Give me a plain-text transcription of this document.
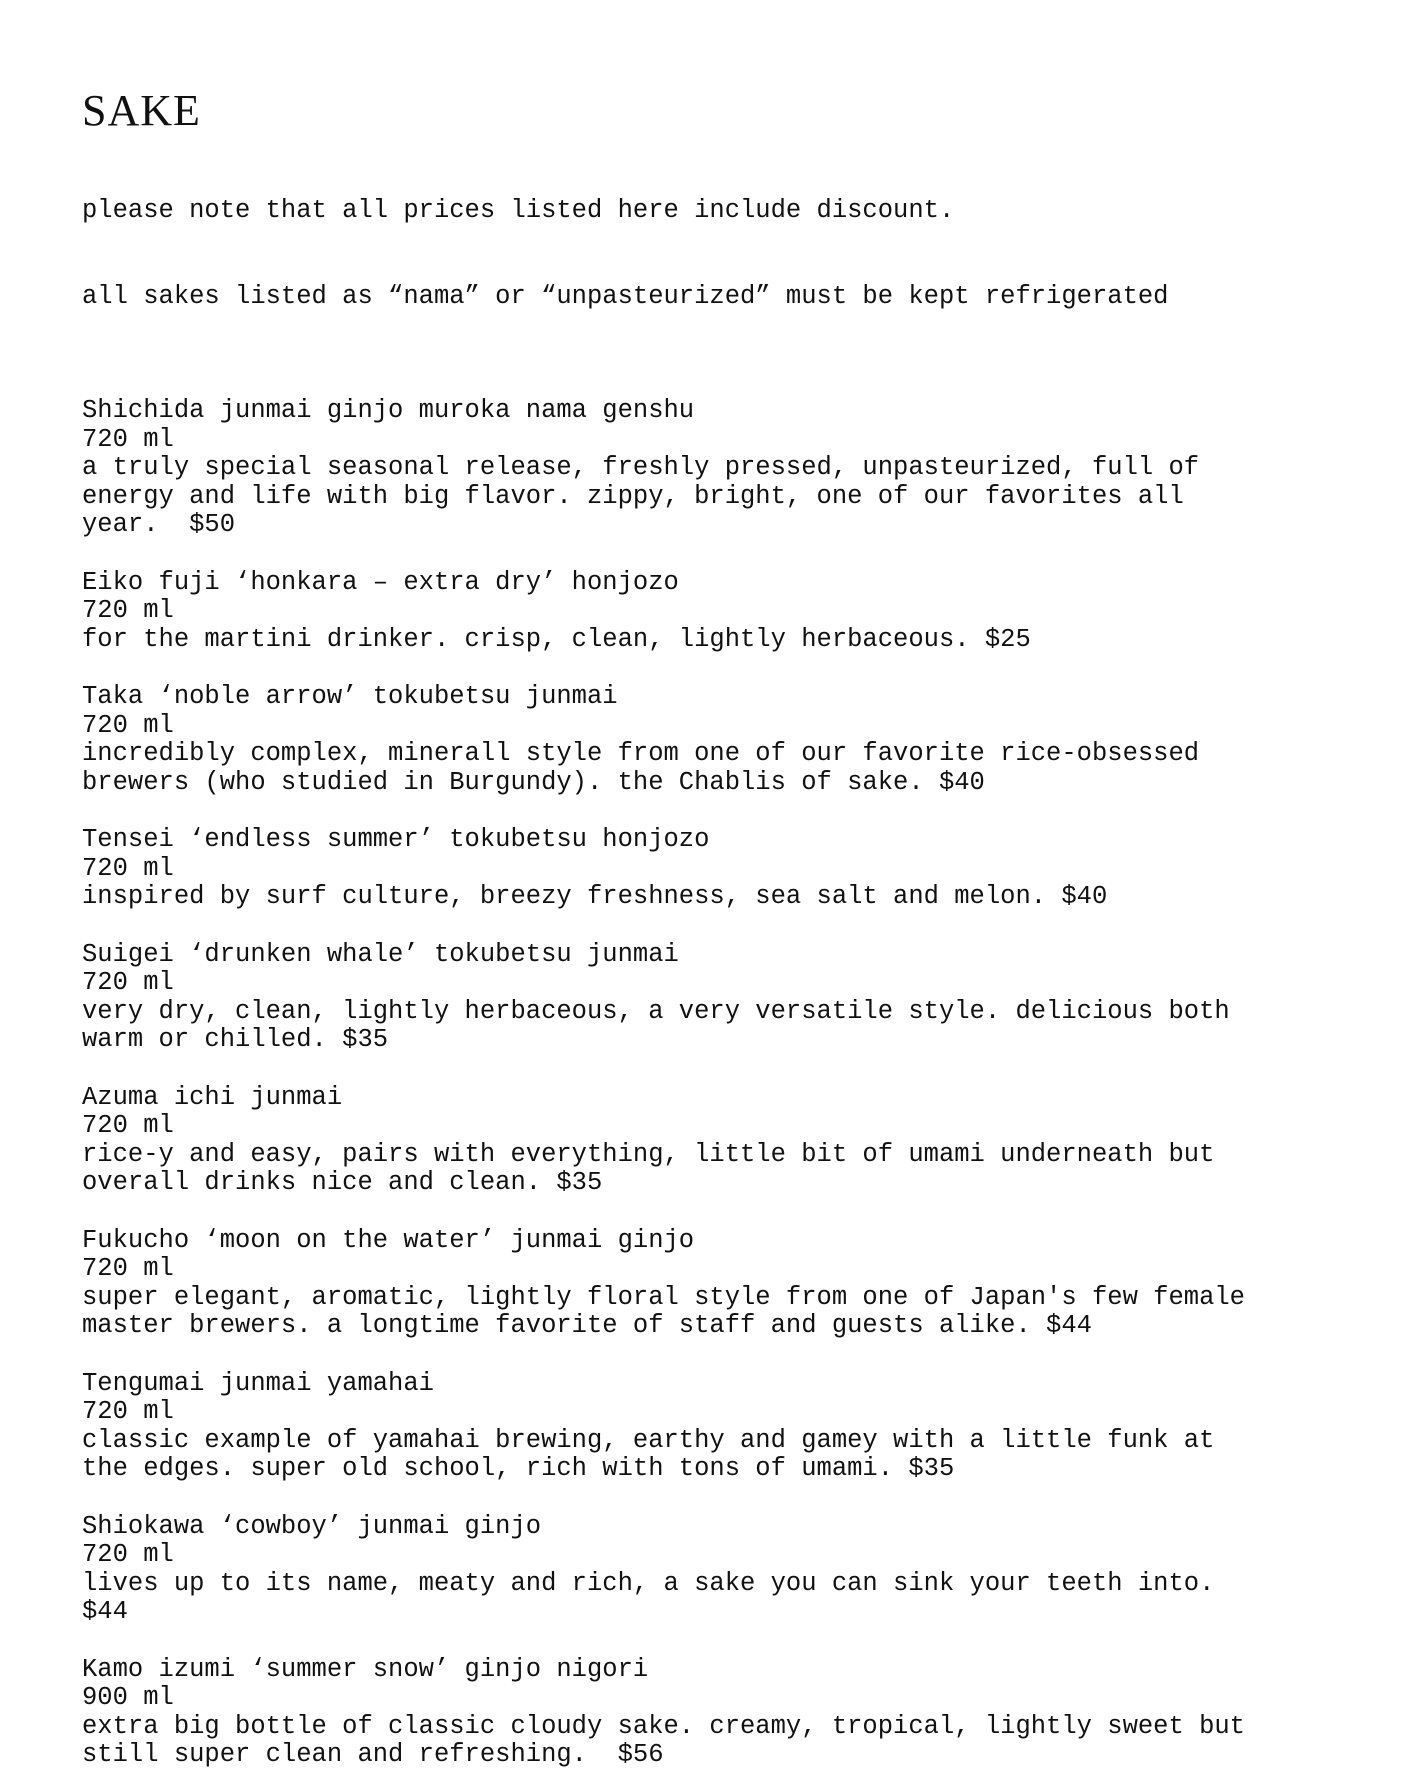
SAKE

please note that all prices listed here include discount.

all sakes listed as “nama” or “unpasteurized” must be kept refrigerated

Shichida junmai ginjo muroka nama genshu
720 ml
a truly special seasonal release, freshly pressed, unpasteurized, full of
energy and life with big flavor. zippy, bright, one of our favorites all
year.  $50
Eiko fuji ‘honkara – extra dry’ honjozo
720 ml
for the martini drinker. crisp, clean, lightly herbaceous. $25
Taka ‘noble arrow’ tokubetsu junmai
720 ml
incredibly complex, minerall style from one of our favorite rice-obsessed
brewers (who studied in Burgundy). the Chablis of sake. $40
Tensei ‘endless summer’ tokubetsu honjozo
720 ml
inspired by surf culture, breezy freshness, sea salt and melon. $40
Suigei ‘drunken whale’ tokubetsu junmai
720 ml
very dry, clean, lightly herbaceous, a very versatile style. delicious both
warm or chilled. $35
Azuma ichi junmai
720 ml
rice-y and easy, pairs with everything, little bit of umami underneath but
overall drinks nice and clean. $35
Fukucho ‘moon on the water’ junmai ginjo
720 ml
super elegant, aromatic, lightly floral style from one of Japan's few female
master brewers. a longtime favorite of staff and guests alike. $44
Tengumai junmai yamahai
720 ml
classic example of yamahai brewing, earthy and gamey with a little funk at
the edges. super old school, rich with tons of umami. $35
Shiokawa ‘cowboy’ junmai ginjo
720 ml
lives up to its name, meaty and rich, a sake you can sink your teeth into.
$44
Kamo izumi ‘summer snow’ ginjo nigori
900 ml
extra big bottle of classic cloudy sake. creamy, tropical, lightly sweet but
still super clean and refreshing.  $56
